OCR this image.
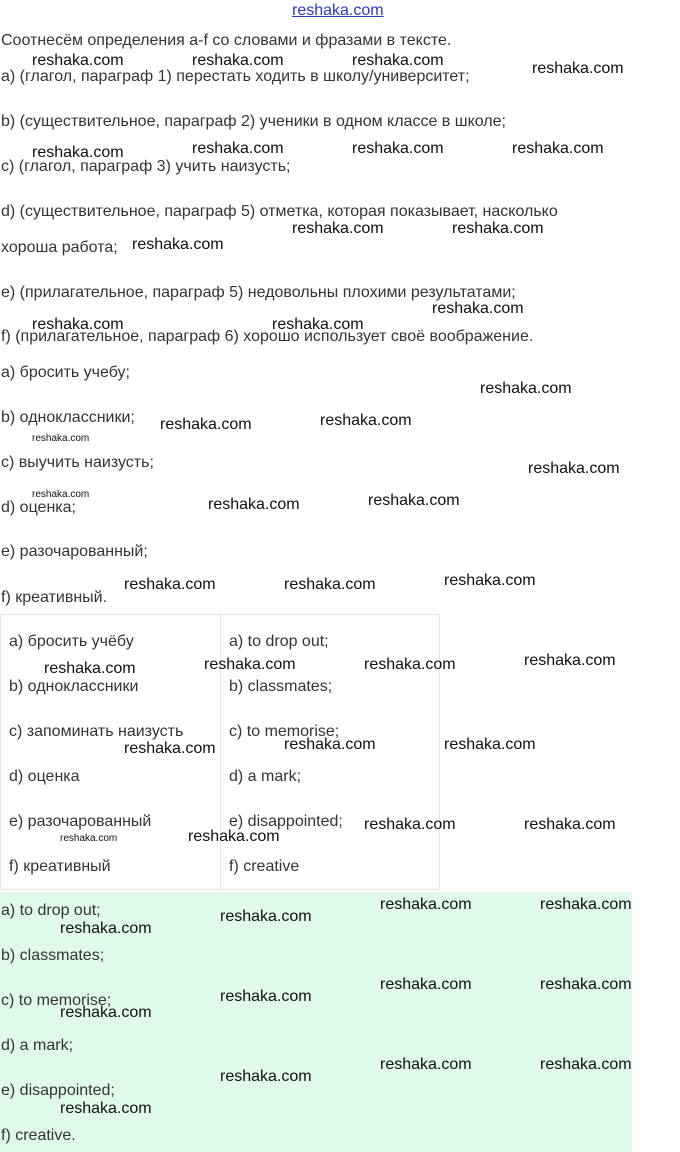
reshaka.com
Соотнесём определения a-f со словами и фразами в тексте.
a) (глагол, параграф 1) перестать ходить в школу/университет;
b) (существительное, параграф 2) ученики в одном классе в школе;
c) (глагол, параграф 3) учить наизусть;
d) (существительное, параграф 5) отметка, которая показывает, насколько
хороша работа;
e) (прилагательное, параграф 5) недовольны плохими результатами;
f) (прилагательное, параграф 6) хорошо использует своё воображение.
a) бросить учебу;
b) одноклассники;
c) выучить наизусть;
d) оценка;
e) разочарованный;
f) креативный.
a) бросить учёбу	a) to drop out;
b) одноклассники	b) classmates;
c) запоминать наизусть	c) to memorise;
d) оценка	d) a mark;
e) разочарованный	e) disappointed;
f) креативный	f) creative
a) to drop out;
b) classmates;
c) to memorise;
d) a mark;
e) disappointed;
f) creative.
reshaka.com	reshaka.com	reshaka.com	reshaka.com
reshaka.com	reshaka.com	reshaka.com	reshaka.com
reshaka.com
reshaka.com	reshaka.com
reshaka.com
reshaka.com	reshaka.com
reshaka.com
reshaka.com	reshaka.com
reshaka.com
reshaka.com
reshaka.com
reshaka.com	reshaka.com
reshaka.com	reshaka.com	reshaka.com
reshaka.com	reshaka.com	reshaka.com	reshaka.com
reshaka.com	reshaka.com	reshaka.com
reshaka.com	reshaka.com
reshaka.com	reshaka.com
reshaka.com	reshaka.com
reshaka.com
reshaka.com
reshaka.com	reshaka.com
reshaka.com
reshaka.com
reshaka.com	reshaka.com
reshaka.com
reshaka.com
